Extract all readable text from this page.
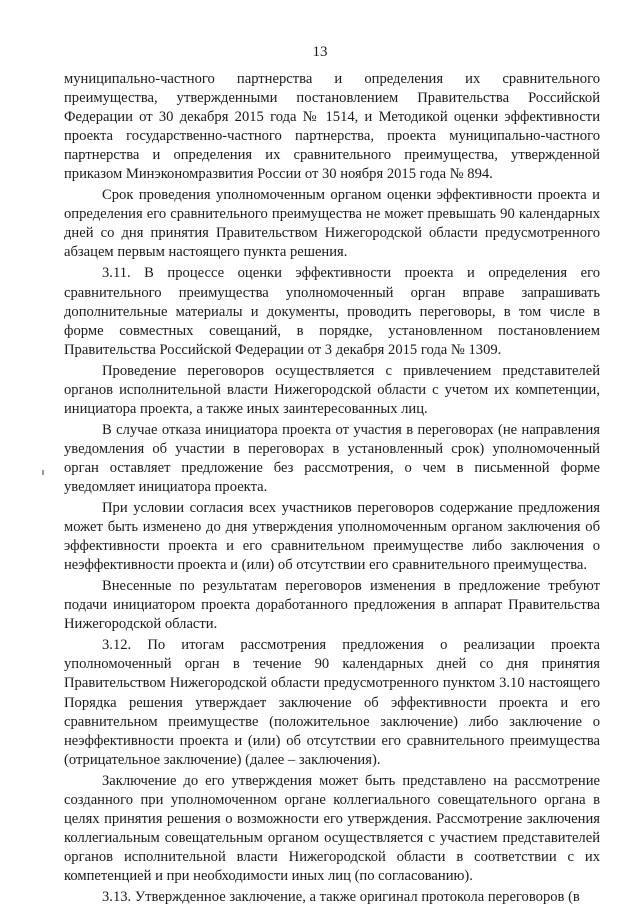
13

муниципально-частного партнерства и определения их сравнительного преимущества, утвержденными постановлением Правительства Российской Федерации от 30 декабря 2015 года № 1514, и Методикой оценки эффективности проекта государственно-частного партнерства, проекта муниципально-частного партнерства и определения их сравнительного преимущества, утвержденной приказом Минэкономразвития России от 30 ноября 2015 года № 894.

Срок проведения уполномоченным органом оценки эффективности проекта и определения его сравнительного преимущества не может превышать 90 календарных дней со дня принятия Правительством Нижегородской области предусмотренного абзацем первым настоящего пункта решения.

3.11. В процессе оценки эффективности проекта и определения его сравнительного преимущества уполномоченный орган вправе запрашивать дополнительные материалы и документы, проводить переговоры, в том числе в форме совместных совещаний, в порядке, установленном постановлением Правительства Российской Федерации от 3 декабря 2015 года № 1309.

Проведение переговоров осуществляется с привлечением представителей органов исполнительной власти Нижегородской области с учетом их компетенции, инициатора проекта, а также иных заинтересованных лиц.

В случае отказа инициатора проекта от участия в переговорах (не направления уведомления об участии в переговорах в установленный срок) уполномоченный орган оставляет предложение без рассмотрения, о чем в письменной форме уведомляет инициатора проекта.

При условии согласия всех участников переговоров содержание предложения может быть изменено до дня утверждения уполномоченным органом заключения об эффективности проекта и его сравнительном преимуществе либо заключения о неэффективности проекта и (или) об отсутствии его сравнительного преимущества.

Внесенные по результатам переговоров изменения в предложение требуют подачи инициатором проекта доработанного предложения в аппарат Правительства Нижегородской области.

3.12. По итогам рассмотрения предложения о реализации проекта уполномоченный орган в течение 90 календарных дней со дня принятия Правительством Нижегородской области предусмотренного пунктом 3.10 настоящего Порядка решения утверждает заключение об эффективности проекта и его сравнительном преимуществе (положительное заключение) либо заключение о неэффективности проекта и (или) об отсутствии его сравнительного преимущества (отрицательное заключение) (далее – заключения).

Заключение до его утверждения может быть представлено на рассмотрение созданного при уполномоченном органе коллегиального совещательного органа в целях принятия решения о возможности его утверждения. Рассмотрение заключения коллегиальным совещательным органом осуществляется с участием представителей органов исполнительной власти Нижегородской области в соответствии с их компетенцией и при необходимости иных лиц (по согласованию).

3.13. Утвержденное заключение, а также оригинал протокола переговоров (в
